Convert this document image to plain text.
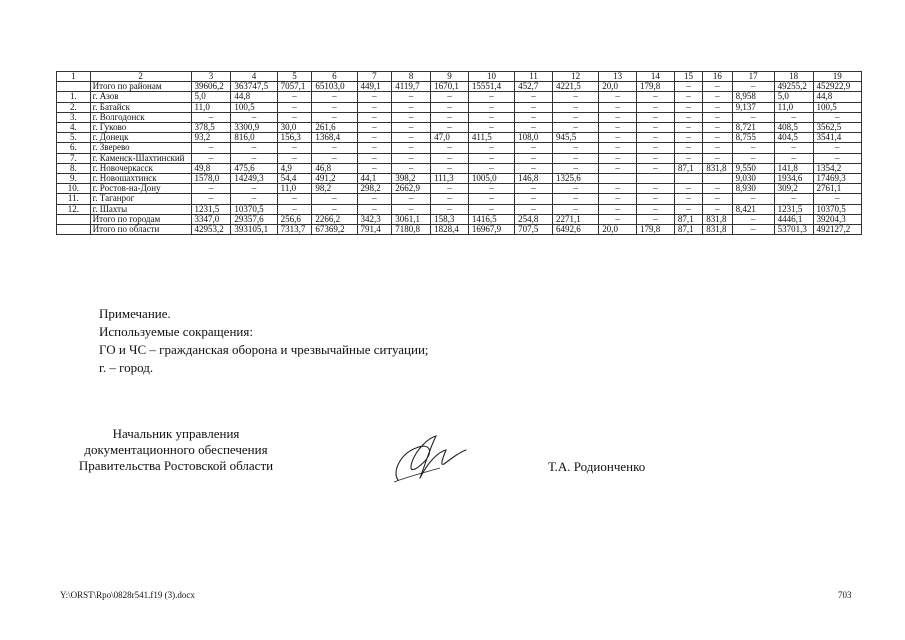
1	2	3	4	5	6	7	8	9	10	11	12	13	14	15	16	17	18	19
	Итого по районам	39606,2	363747,5	7057,1	65103,0	449,1	4119,7	1670,1	15551,4	452,7	4221,5	20,0	179,8	–	–	–	49255,2	452922,9
1.	г. Азов	5,0	44,8	–	–	–	–	–	–	–	–	–	–	–	–	8,958	5,0	44,8
2.	г. Батайск	11,0	100,5	–	–	–	–	–	–	–	–	–	–	–	–	9,137	11,0	100,5
3.	г. Волгодонск	–	–	–	–	–	–	–	–	–	–	–	–	–	–	–	–	–
4.	г. Гуково	378,5	3300,9	30,0	261,6	–	–	–	–	–	–	–	–	–	–	8,721	408,5	3562,5
5.	г. Донецк	93,2	816,0	156,3	1368,4	–	–	47,0	411,5	108,0	945,5	–	–	–	–	8,755	404,5	3541,4
6.	г. Зверево	–	–	–	–	–	–	–	–	–	–	–	–	–	–	–	–	–
7.	г. Каменск-Шахтинский	–	–	–	–	–	–	–	–	–	–	–	–	–	–	–	–	–
8.	г. Новочеркасск	49,8	475,6	4,9	46,8	–	–	–	–	–	–	–	–	87,1	831,8	9,550	141,8	1354,2
9.	г. Новошахтинск	1578,0	14249,3	54,4	491,2	44,1	398,2	111,3	1005,0	146,8	1325,6					9,030	1934,6	17469,3
10.	г. Ростов-на-Дону	–	–	11,0	98,2	298,2	2662,9	–	–	–	–	–	–	–	–	8,930	309,2	2761,1
11.	г. Таганрог	–	–	–	–	–	–	–	–	–	–	–	–	–	–	–	–	–
12.	г. Шахты	1231,5	10370,5	–	–	–	–	–	–	–	–	–	–	–	–	8,421	1231,5	10370,5
	Итого по городам	3347,0	29357,6	256,6	2266,2	342,3	3061,1	158,3	1416,5	254,8	2271,1	–	–	87,1	831,8	–	4446,1	39204,3
	Итого по области	42953,2	393105,1	7313,7	67369,2	791,4	7180,8	1828,4	16967,9	707,5	6492,6	20,0	179,8	87,1	831,8	–	53701,3	492127,2
Примечание.
Используемые сокращения:
ГО и ЧС – гражданская оборона и чрезвычайные ситуации;
г. – город.
Начальник управления
документационного обеспечения
Правительства Ростовской области	Т.А. Родионченко
Y:\ORST\Rpo\0828r541.f19 (3).docx	703
